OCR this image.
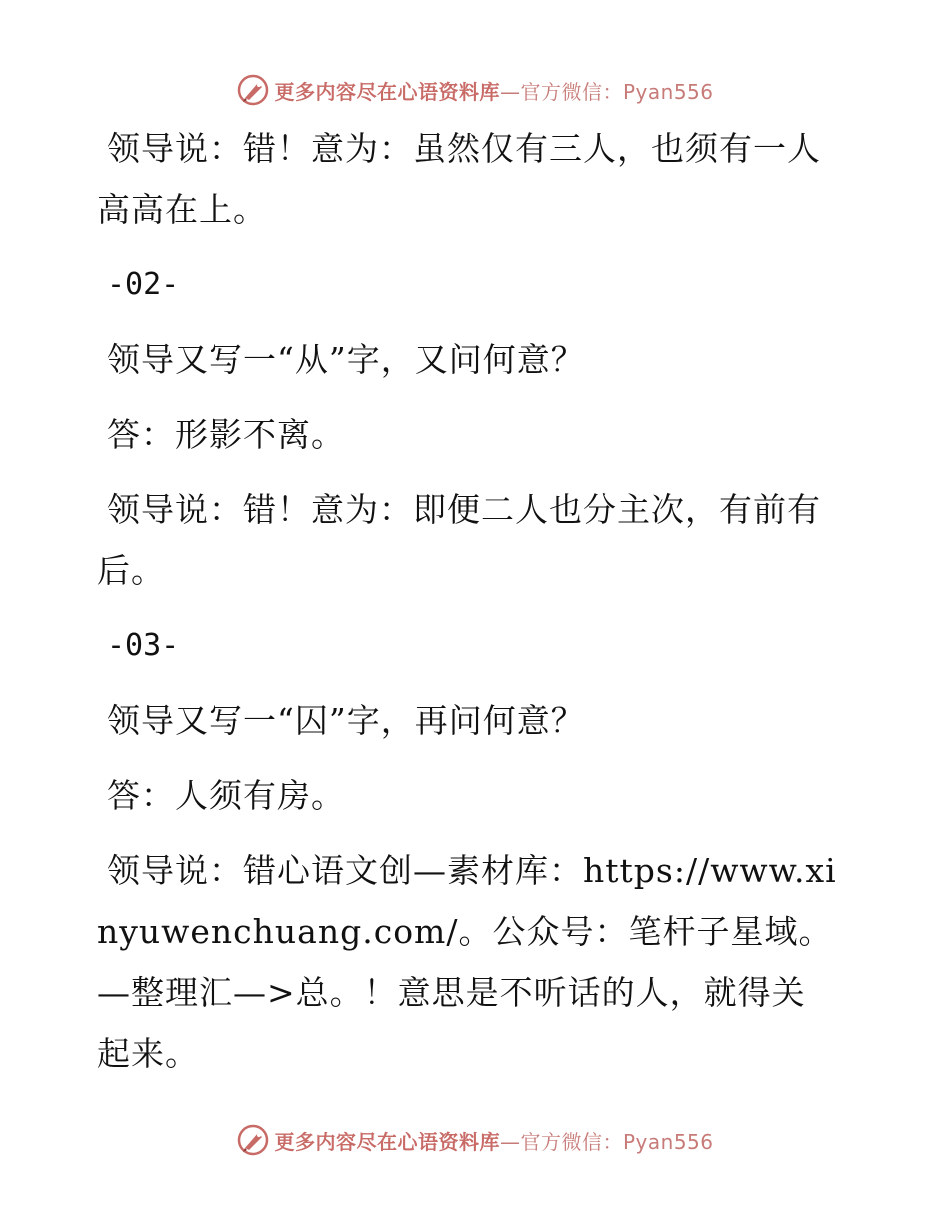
更多内容尽在心语资料库—官方微信：Pyan556

领导说：错！意为：虽然仅有三人，也须有一人高高在上。

-02-

领导又写一“从”字，又问何意？

答：形影不离。

领导说：错！意为：即便二人也分主次，有前有后。

-03-

领导又写一“囚”字，再问何意？

答：人须有房。

领导说：错心语文创—素材库：https://www.xinyuwenchuang.com/。公众号：笔杆子星域。—整理汇—>总。！意思是不听话的人，就得关起来。

更多内容尽在心语资料库—官方微信：Pyan556
